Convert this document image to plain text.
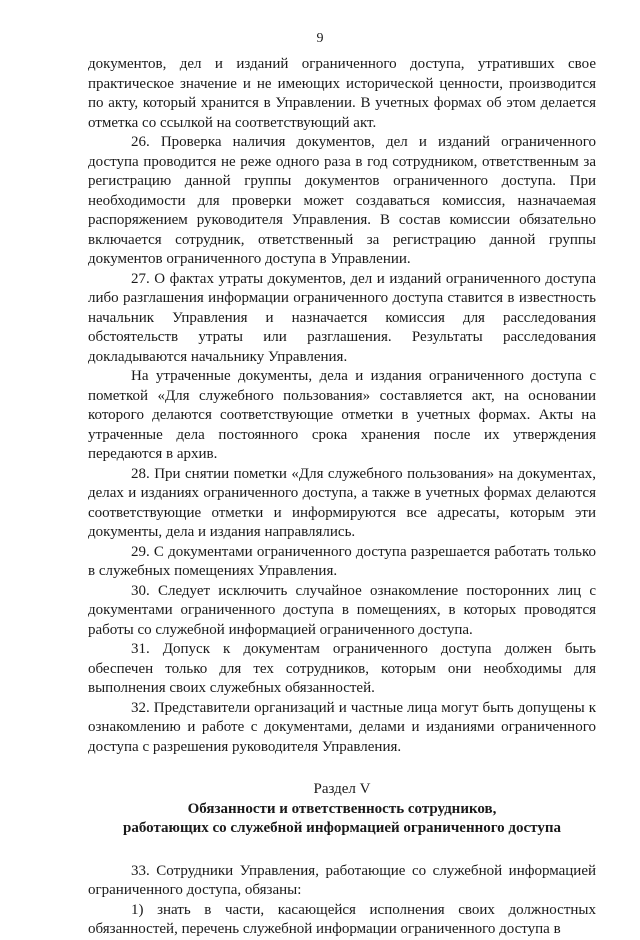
9

документов, дел и изданий ограниченного доступа, утративших свое практическое значение и не имеющих исторической ценности, производится по акту, который хранится в Управлении. В учетных формах об этом делается отметка со ссылкой на соответствующий акт.

26. Проверка наличия документов, дел и изданий ограниченного доступа проводится не реже одного раза в год сотрудником, ответственным за регистрацию данной группы документов ограниченного доступа. При необходимости для проверки может создаваться комиссия, назначаемая распоряжением руководителя Управления. В состав комиссии обязательно включается сотрудник, ответственный за регистрацию данной группы документов ограниченного доступа в Управлении.

27. О фактах утраты документов, дел и изданий ограниченного доступа либо разглашения информации ограниченного доступа ставится в известность начальник Управления и назначается комиссия для расследования обстоятельств утраты или разглашения. Результаты расследования докладываются начальнику Управления.

На утраченные документы, дела и издания ограниченного доступа с пометкой «Для служебного пользования» составляется акт, на основании которого делаются соответствующие отметки в учетных формах. Акты на утраченные дела постоянного срока хранения после их утверждения передаются в архив.

28. При снятии пометки «Для служебного пользования» на документах, делах и изданиях ограниченного доступа, а также в учетных формах делаются соответствующие отметки и информируются все адресаты, которым эти документы, дела и издания направлялись.

29. С документами ограниченного доступа разрешается работать только в служебных помещениях Управления.

30. Следует исключить случайное ознакомление посторонних лиц с документами ограниченного доступа в помещениях, в которых проводятся работы со служебной информацией ограниченного доступа.

31. Допуск к документам ограниченного доступа должен быть обеспечен только для тех сотрудников, которым они необходимы для выполнения своих служебных обязанностей.

32. Представители организаций и частные лица могут быть допущены к ознакомлению и работе с документами, делами и изданиями ограниченного доступа с разрешения руководителя Управления.

Раздел V

Обязанности и ответственность сотрудников,

работающих со служебной информацией ограниченного доступа

33. Сотрудники Управления, работающие со служебной информацией ограниченного доступа, обязаны:

1) знать в части, касающейся исполнения своих должностных обязанностей, перечень служебной информации ограниченного доступа в
